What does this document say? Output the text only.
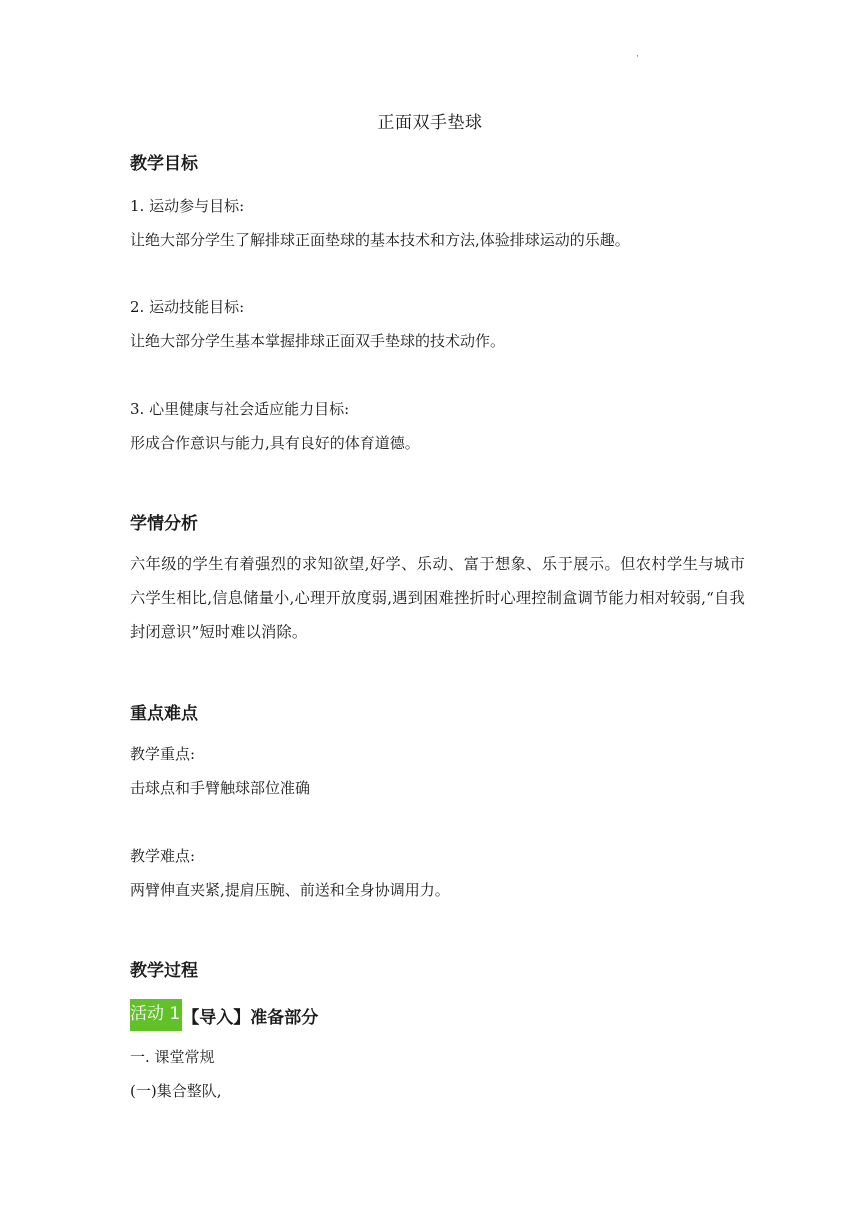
·
正面双手垫球
教学目标
1. 运动参与目标:
让绝大部分学生了解排球正面垫球的基本技术和方法,体验排球运动的乐趣。
2. 运动技能目标:
让绝大部分学生基本掌握排球正面双手垫球的技术动作。
3. 心里健康与社会适应能力目标:
形成合作意识与能力,具有良好的体育道德。
学情分析
六年级的学生有着强烈的求知欲望,好学、乐动、富于想象、乐于展示。但农村学生与城市六学生相比,信息储量小,心理开放度弱,遇到困难挫折时心理控制盒调节能力相对较弱,“自我封闭意识”短时难以消除。
重点难点
教学重点:
击球点和手臂触球部位准确
教学难点:
两臂伸直夹紧,提肩压腕、前送和全身协调用力。
教学过程
活动 1 【导入】准备部分
一. 课堂常规
(一)集合整队,
